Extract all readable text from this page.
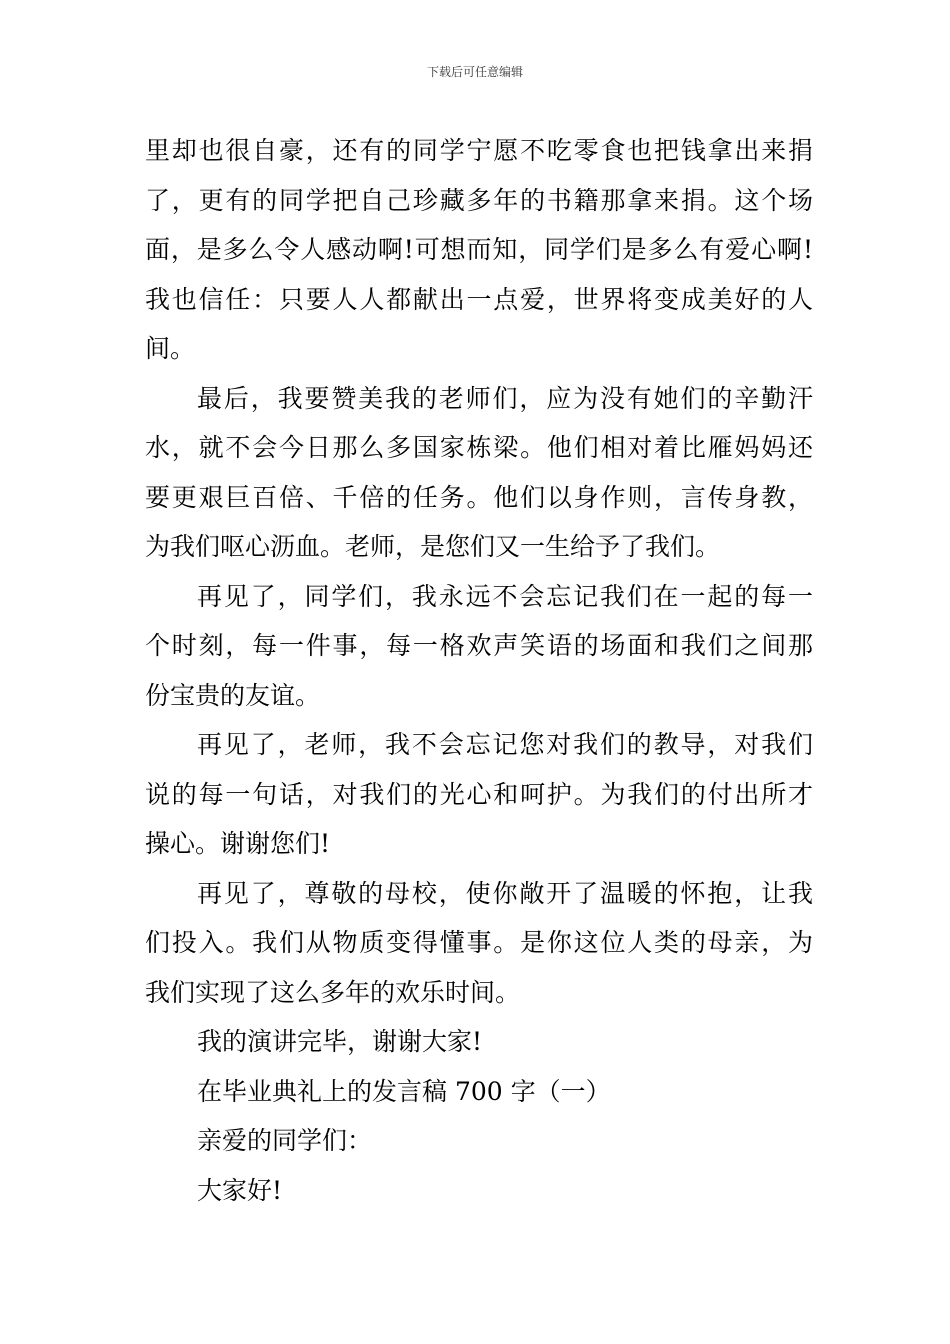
下载后可任意编辑

里却也很自豪，还有的同学宁愿不吃零食也把钱拿出来捐
了，更有的同学把自己珍藏多年的书籍那拿来捐。这个场
面，是多么令人感动啊!可想而知，同学们是多么有爱心啊!
我也信任：只要人人都献出一点爱，世界将变成美好的人
间。

最后，我要赞美我的老师们，应为没有她们的辛勤汗
水，就不会今日那么多国家栋梁。他们相对着比雁妈妈还
要更艰巨百倍、千倍的任务。他们以身作则，言传身教，
为我们呕心沥血。老师，是您们又一生给予了我们。

再见了，同学们，我永远不会忘记我们在一起的每一
个时刻，每一件事，每一格欢声笑语的场面和我们之间那
份宝贵的友谊。

再见了，老师，我不会忘记您对我们的教导，对我们
说的每一句话，对我们的光心和呵护。为我们的付出所才
操心。谢谢您们!

再见了，尊敬的母校，使你敞开了温暖的怀抱，让我
们投入。我们从物质变得懂事。是你这位人类的母亲，为
我们实现了这么多年的欢乐时间。

我的演讲完毕，谢谢大家!

在毕业典礼上的发言稿 700 字（一）

亲爱的同学们：

大家好!
